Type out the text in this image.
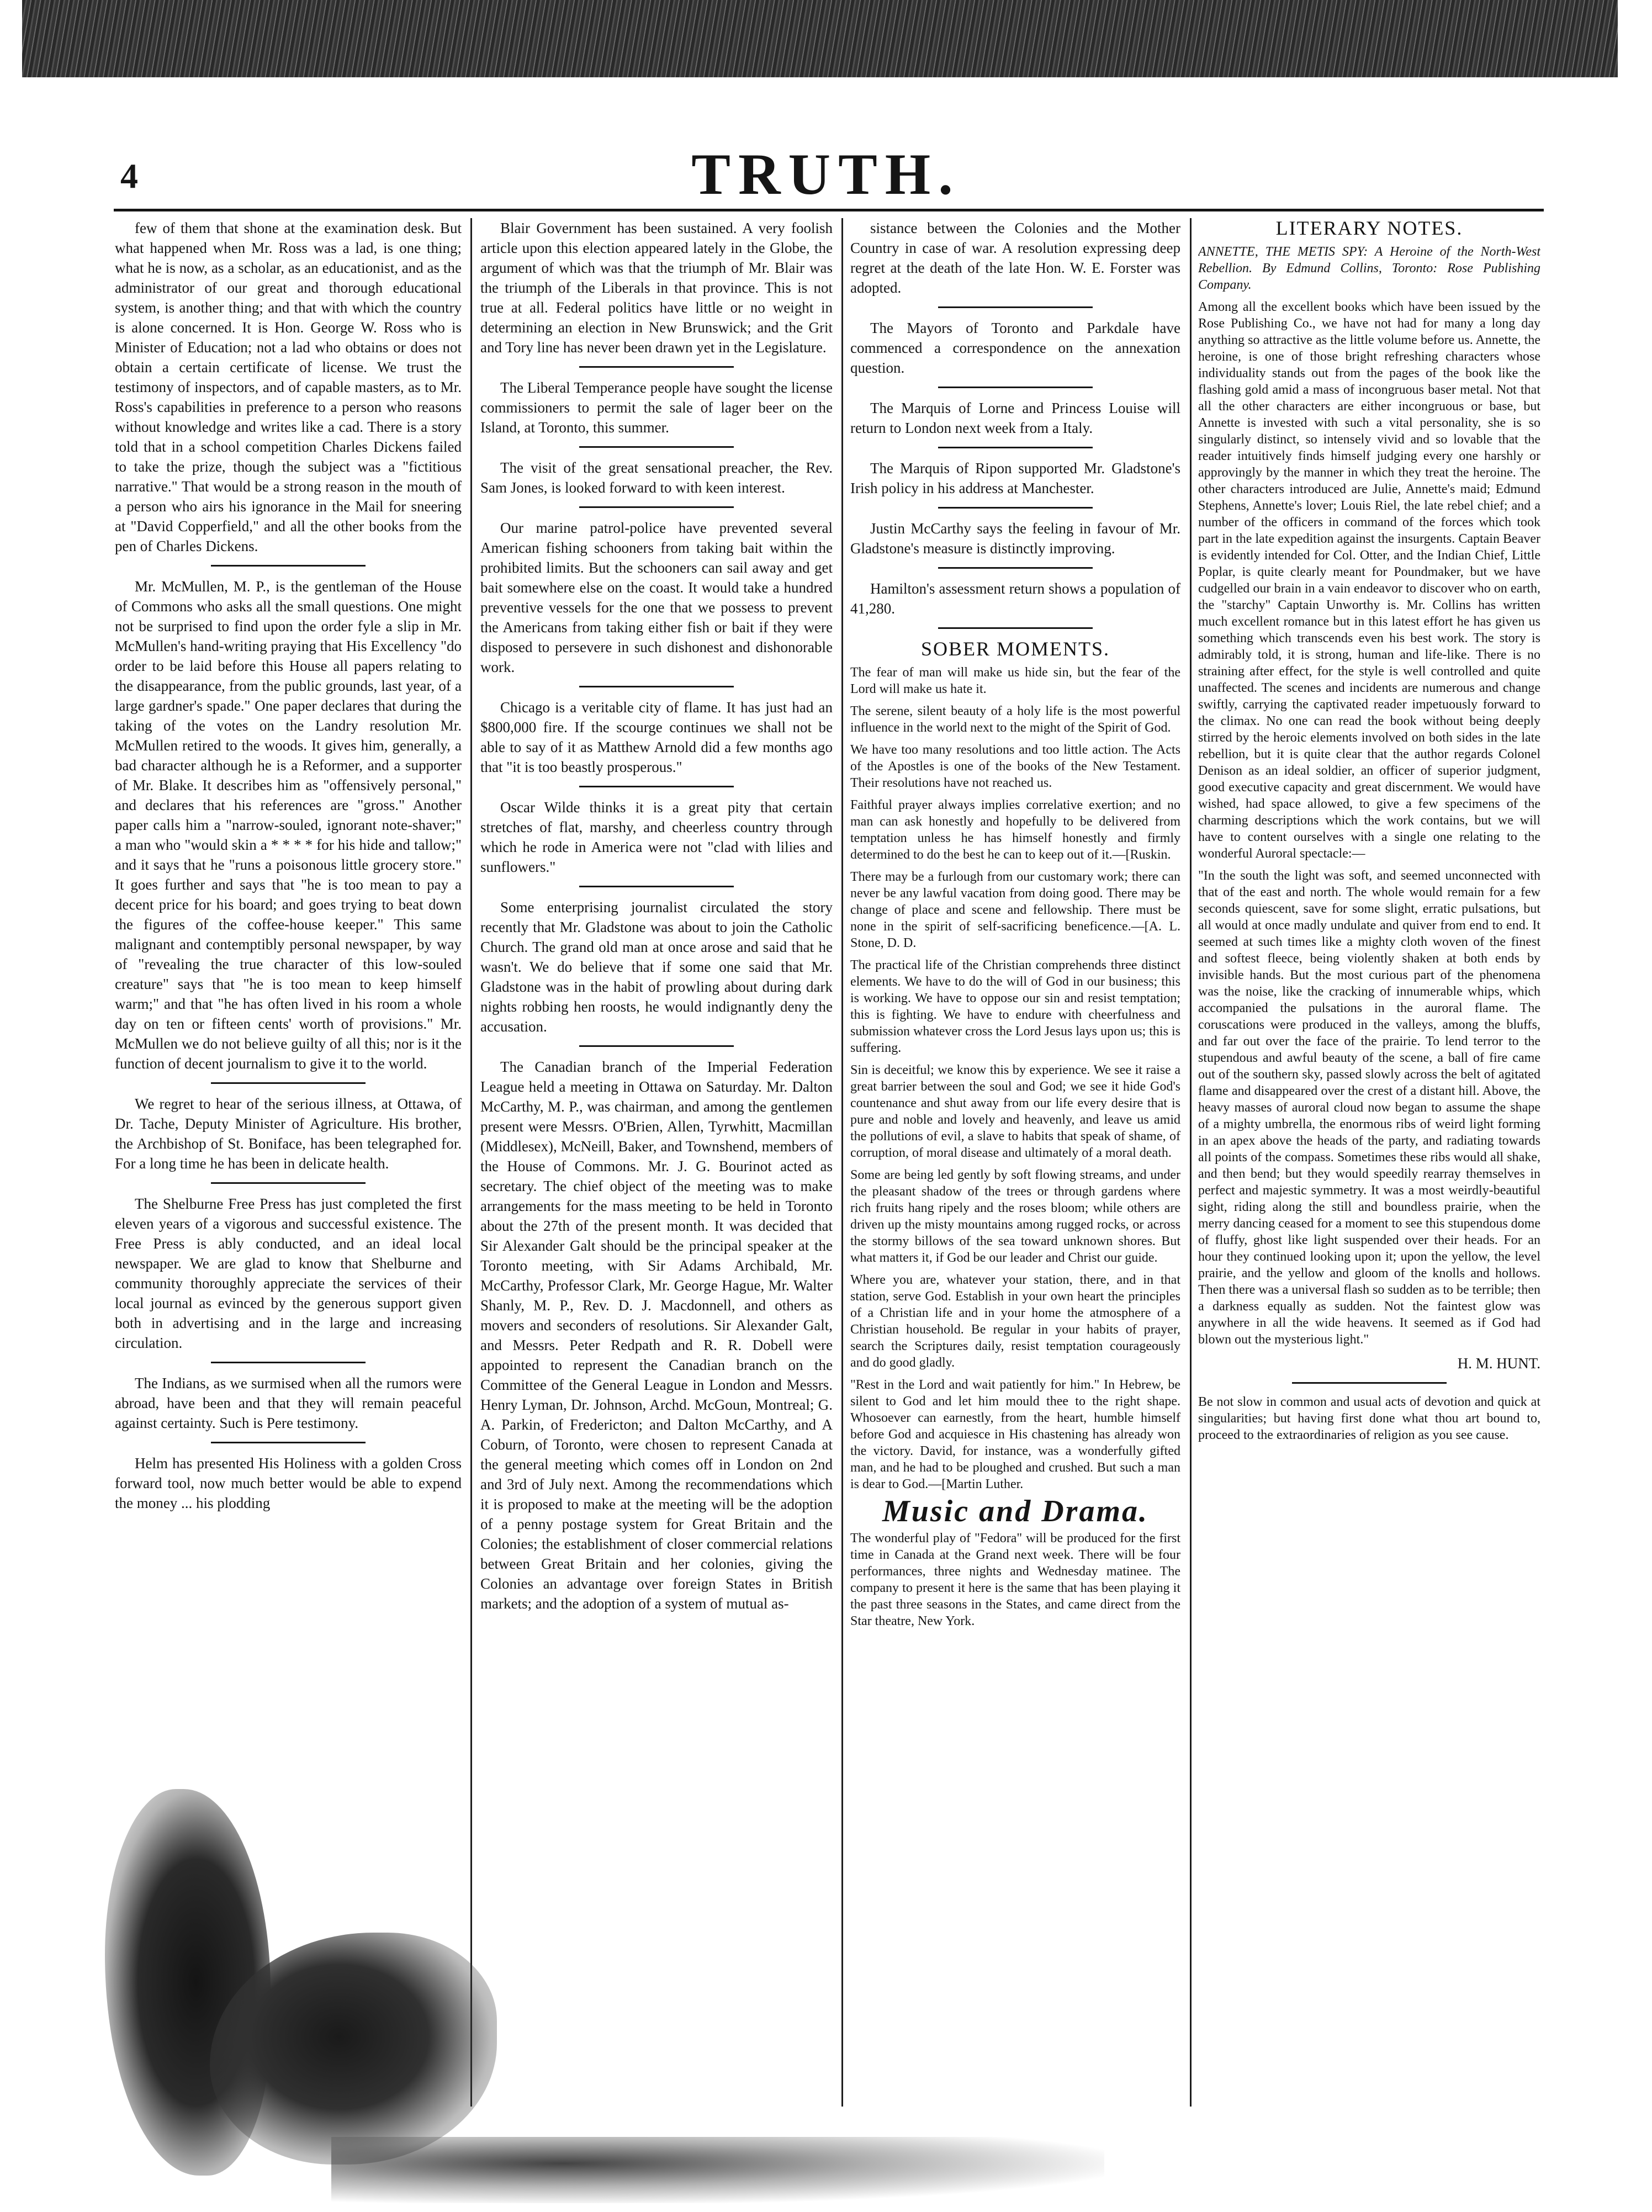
4	TRUTH.

few of them that shone at the examination desk. But what happened when Mr. Ross was a lad, is one thing; what he is now, as a scholar, as an educationist, and as the administrator of our great and thorough educational system, is another thing; and that with which the country is alone concerned. It is Hon. George W. Ross who is Minister of Education; not a lad who obtains or does not obtain a certain certificate of license. We trust the testimony of inspectors, and of capable masters, as to Mr. Ross's capabilities in preference to a person who reasons without knowledge and writes like a cad. There is a story told that in a school competition Charles Dickens failed to take the prize, though the subject was a "fictitious narrative." That would be a strong reason in the mouth of a person who airs his ignorance in the Mail for sneering at "David Copperfield," and all the other books from the pen of Charles Dickens.

Mr. McMullen, M. P., is the gentleman of the House of Commons who asks all the small questions. One might not be surprised to find upon the order fyle a slip in Mr. McMullen's hand-writing praying that His Excellency "do order to be laid before this House all papers relating to the disappearance, from the public grounds, last year, of a large gardner's spade." One paper declares that during the taking of the votes on the Landry resolution Mr. McMullen retired to the woods. It gives him, generally, a bad character although he is a Reformer, and a supporter of Mr. Blake. It describes him as "offensively personal," and declares that his references are "gross." Another paper calls him a "narrow-souled, ignorant note-shaver;" a man who "would skin a * * * * for his hide and tallow;" and it says that he "runs a poisonous little grocery store." It goes further and says that "he is too mean to pay a decent price for his board; and goes trying to beat down the figures of the coffee-house keeper." This same malignant and contemptibly personal newspaper, by way of "revealing the true character of this low-souled creature" says that "he is too mean to keep himself warm;" and that "he has often lived in his room a whole day on ten or fifteen cents' worth of provisions." Mr. McMullen we do not believe guilty of all this; nor is it the function of decent journalism to give it to the world.

We regret to hear of the serious illness, at Ottawa, of Dr. Tache, Deputy Minister of Agriculture. His brother, the Archbishop of St. Boniface, has been telegraphed for. For a long time he has been in delicate health.

The Shelburne Free Press has just completed the first eleven years of a vigorous and successful existence. The Free Press is ably conducted, and an ideal local newspaper. We are glad to know that Shelburne and community thoroughly appreciate the services of their local journal as evinced by the generous support given both in advertising and in the large and increasing circulation.

The Indians, as we surmised when all the rumors were abroad, have been and that they will remain peaceful against certainty. Such is Pere testimony.

Helm has presented His Holiness with a golden Cross forward tool, now much better would be able to expend the money ... his plodding

Blair Government has been sustained. A very foolish article upon this election appeared lately in the Globe, the argument of which was that the triumph of Mr. Blair was the triumph of the Liberals in that province. This is not true at all. Federal politics have little or no weight in determining an election in New Brunswick; and the Grit and Tory line has never been drawn yet in the Legislature.

The Liberal Temperance people have sought the license commissioners to permit the sale of lager beer on the Island, at Toronto, this summer.

The visit of the great sensational preacher, the Rev. Sam Jones, is looked forward to with keen interest.

Our marine patrol-police have prevented several American fishing schooners from taking bait within the prohibited limits. But the schooners can sail away and get bait somewhere else on the coast. It would take a hundred preventive vessels for the one that we possess to prevent the Americans from taking either fish or bait if they were disposed to persevere in such dishonest and dishonorable work.

Chicago is a veritable city of flame. It has just had an $800,000 fire. If the scourge continues we shall not be able to say of it as Matthew Arnold did a few months ago that "it is too beastly prosperous."

Oscar Wilde thinks it is a great pity that certain stretches of flat, marshy, and cheerless country through which he rode in America were not "clad with lilies and sunflowers."

Some enterprising journalist circulated the story recently that Mr. Gladstone was about to join the Catholic Church. The grand old man at once arose and said that he wasn't. We do believe that if some one said that Mr. Gladstone was in the habit of prowling about during dark nights robbing hen roosts, he would indignantly deny the accusation.

The Canadian branch of the Imperial Federation League held a meeting in Ottawa on Saturday. Mr. Dalton McCarthy, M. P., was chairman, and among the gentlemen present were Messrs. O'Brien, Allen, Tyrwhitt, Macmillan (Middlesex), McNeill, Baker, and Townshend, members of the House of Commons. Mr. J. G. Bourinot acted as secretary. The chief object of the meeting was to make arrangements for the mass meeting to be held in Toronto about the 27th of the present month. It was decided that Sir Alexander Galt should be the principal speaker at the Toronto meeting, with Sir Adams Archibald, Mr. McCarthy, Professor Clark, Mr. George Hague, Mr. Walter Shanly, M. P., Rev. D. J. Macdonnell, and others as movers and seconders of resolutions. Sir Alexander Galt, and Messrs. Peter Redpath and R. R. Dobell were appointed to represent the Canadian branch on the Committee of the General League in London and Messrs. Henry Lyman, Dr. Johnson, Archd. McGoun, Montreal; G. A. Parkin, of Fredericton; and Dalton McCarthy, and A Coburn, of Toronto, were chosen to represent Canada at the general meeting which comes off in London on 2nd and 3rd of July next. Among the recommendations which it is proposed to make at the meeting will be the adoption of a penny postage system for Great Britain and the Colonies; the establishment of closer commercial relations between Great Britain and her colonies, giving the Colonies an advantage over foreign States in British markets; and the adoption of a system of mutual as-

sistance between the Colonies and the Mother Country in case of war. A resolution expressing deep regret at the death of the late Hon. W. E. Forster was adopted.

The Mayors of Toronto and Parkdale have commenced a correspondence on the annexation question.

The Marquis of Lorne and Princess Louise will return to London next week from a Italy.

The Marquis of Ripon supported Mr. Gladstone's Irish policy in his address at Manchester.

Justin McCarthy says the feeling in favour of Mr. Gladstone's measure is distinctly improving.

Hamilton's assessment return shows a population of 41,280.

SOBER MOMENTS.

The fear of man will make us hide sin, but the fear of the Lord will make us hate it.

The serene, silent beauty of a holy life is the most powerful influence in the world next to the might of the Spirit of God.

We have too many resolutions and too little action. The Acts of the Apostles is one of the books of the New Testament. Their resolutions have not reached us.

Faithful prayer always implies correlative exertion; and no man can ask honestly and hopefully to be delivered from temptation unless he has himself honestly and firmly determined to do the best he can to keep out of it.—[Ruskin.

There may be a furlough from our customary work; there can never be any lawful vacation from doing good. There may be change of place and scene and fellowship. There must be none in the spirit of self-sacrificing beneficence.—[A. L. Stone, D. D.

The practical life of the Christian comprehends three distinct elements. We have to do the will of God in our business; this is working. We have to oppose our sin and resist temptation; this is fighting. We have to endure with cheerfulness and submission whatever cross the Lord Jesus lays upon us; this is suffering.

Sin is deceitful; we know this by experience. We see it raise a great barrier between the soul and God; we see it hide God's countenance and shut away from our life every desire that is pure and noble and lovely and heavenly, and leave us amid the pollutions of evil, a slave to habits that speak of shame, of corruption, of moral disease and ultimately of a moral death.

Some are being led gently by soft flowing streams, and under the pleasant shadow of the trees or through gardens where rich fruits hang ripely and the roses bloom; while others are driven up the misty mountains among rugged rocks, or across the stormy billows of the sea toward unknown shores. But what matters it, if God be our leader and Christ our guide.

Where you are, whatever your station, there, and in that station, serve God. Establish in your own heart the principles of a Christian life and in your home the atmosphere of a Christian household. Be regular in your habits of prayer, search the Scriptures daily, resist temptation courageously and do good gladly.

"Rest in the Lord and wait patiently for him." In Hebrew, be silent to God and let him mould thee to the right shape. Whosoever can earnestly, from the heart, humble himself before God and acquiesce in His chastening has already won the victory. David, for instance, was a wonderfully gifted man, and he had to be ploughed and crushed. But such a man is dear to God.—[Martin Luther.

Music and Drama.

The wonderful play of "Fedora" will be produced for the first time in Canada at the Grand next week. There will be four performances, three nights and Wednesday matinee. The company to present it here is the same that has been playing it the past three seasons in the States, and came direct from the Star theatre, New York.

LITERARY NOTES.

ANNETTE, THE METIS SPY: A Heroine of the North-West Rebellion. By Edmund Collins, Toronto: Rose Publishing Company.

Among all the excellent books which have been issued by the Rose Publishing Co., we have not had for many a long day anything so attractive as the little volume before us. Annette, the heroine, is one of those bright refreshing characters whose individuality stands out from the pages of the book like the flashing gold amid a mass of incongruous baser metal. Not that all the other characters are either incongruous or base, but Annette is invested with such a vital personality, she is so singularly distinct, so intensely vivid and so lovable that the reader intuitively finds himself judging every one harshly or approvingly by the manner in which they treat the heroine. The other characters introduced are Julie, Annette's maid; Edmund Stephens, Annette's lover; Louis Riel, the late rebel chief; and a number of the officers in command of the forces which took part in the late expedition against the insurgents. Captain Beaver is evidently intended for Col. Otter, and the Indian Chief, Little Poplar, is quite clearly meant for Poundmaker, but we have cudgelled our brain in a vain endeavor to discover who on earth, the "starchy" Captain Unworthy is. Mr. Collins has written much excellent romance but in this latest effort he has given us something which transcends even his best work. The story is admirably told, it is strong, human and life-like. There is no straining after effect, for the style is well controlled and quite unaffected. The scenes and incidents are numerous and change swiftly, carrying the captivated reader impetuously forward to the climax. No one can read the book without being deeply stirred by the heroic elements involved on both sides in the late rebellion, but it is quite clear that the author regards Colonel Denison as an ideal soldier, an officer of superior judgment, good executive capacity and great discernment. We would have wished, had space allowed, to give a few specimens of the charming descriptions which the work contains, but we will have to content ourselves with a single one relating to the wonderful Auroral spectacle:—

"In the south the light was soft, and seemed unconnected with that of the east and north. The whole would remain for a few seconds quiescent, save for some slight, erratic pulsations, but all would at once madly undulate and quiver from end to end. It seemed at such times like a mighty cloth woven of the finest and softest fleece, being violently shaken at both ends by invisible hands. But the most curious part of the phenomena was the noise, like the cracking of innumerable whips, which accompanied the pulsations in the auroral flame. The coruscations were produced in the valleys, among the bluffs, and far out over the face of the prairie. To lend terror to the stupendous and awful beauty of the scene, a ball of fire came out of the southern sky, passed slowly across the belt of agitated flame and disappeared over the crest of a distant hill. Above, the heavy masses of auroral cloud now began to assume the shape of a mighty umbrella, the enormous ribs of weird light forming in an apex above the heads of the party, and radiating towards all points of the compass. Sometimes these ribs would all shake, and then bend; but they would speedily rearray themselves in perfect and majestic symmetry. It was a most weirdly-beautiful sight, riding along the still and boundless prairie, when the merry dancing ceased for a moment to see this stupendous dome of fluffy, ghost like light suspended over their heads. For an hour they continued looking upon it; upon the yellow, the level prairie, and the yellow and gloom of the knolls and hollows. Then there was a universal flash so sudden as to be terrible; then a darkness equally as sudden. Not the faintest glow was anywhere in all the wide heavens. It seemed as if God had blown out the mysterious light."

H. M. HUNT.

Be not slow in common and usual acts of devotion and quick at singularities; but having first done what thou art bound to, proceed to the extraordinaries of religion as you see cause.
